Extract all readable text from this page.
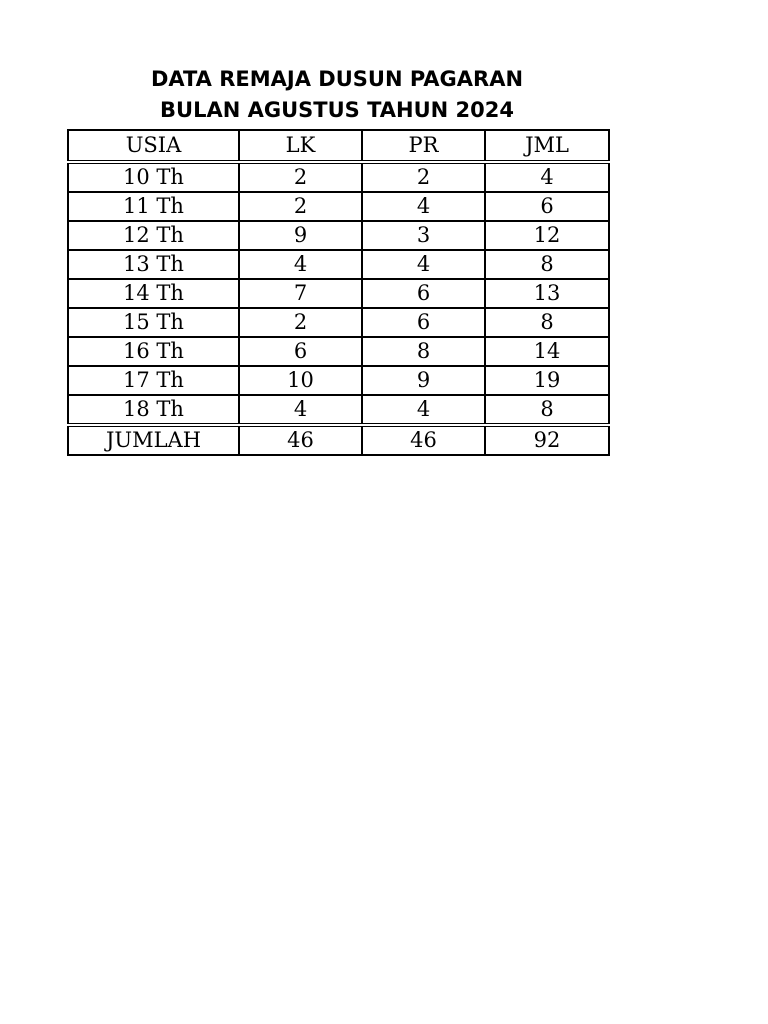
DATA REMAJA DUSUN PAGARAN
BULAN AGUSTUS TAHUN 2024
USIA	LK	PR	JML
10 Th	2	2	4
11 Th	2	4	6
12 Th	9	3	12
13 Th	4	4	8
14 Th	7	6	13
15 Th	2	6	8
16 Th	6	8	14
17 Th	10	9	19
18 Th	4	4	8
JUMLAH	46	46	92
